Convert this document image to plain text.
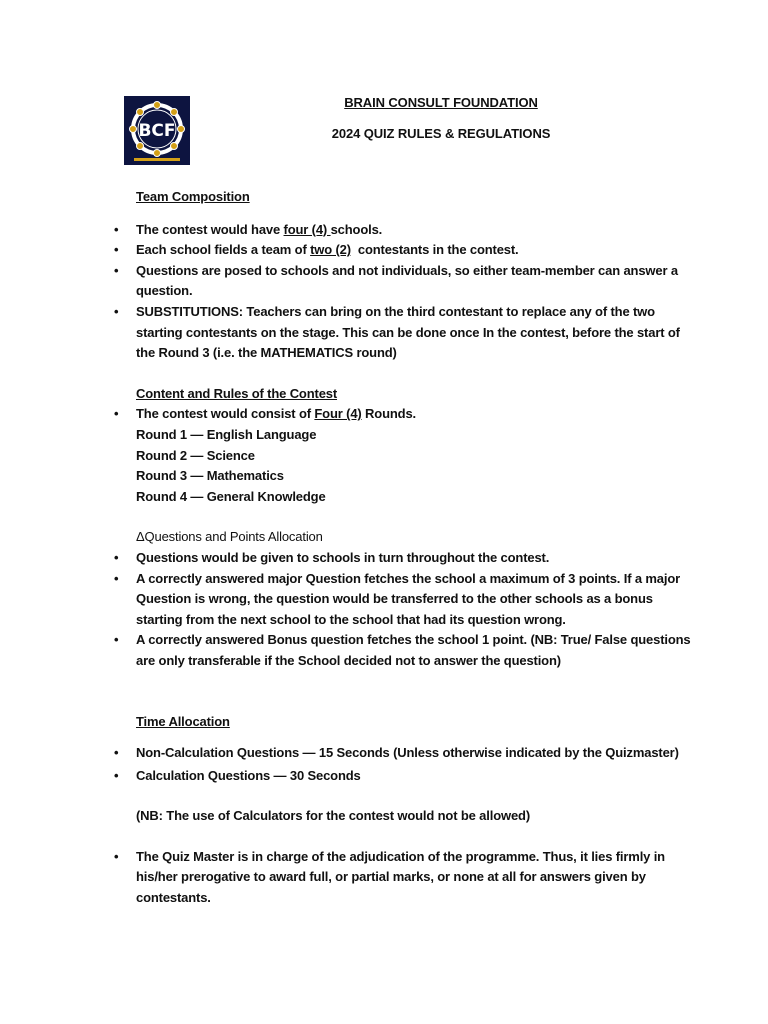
BCF
BRAIN CONSULT FOUNDATION
2024 QUIZ RULES & REGULATIONS
Team Composition
• The contest would have four (4) schools.
• Each school fields a team of two (2)  contestants in the contest.
• Questions are posed to schools and not individuals, so either team-member can answer a question.
• SUBSTITUTIONS: Teachers can bring on the third contestant to replace any of the two starting contestants on the stage. This can be done once In the contest, before the start of the Round 3 (i.e. the MATHEMATICS round)
Content and Rules of the Contest
• The contest would consist of Four (4) Rounds.
Round 1 — English Language
Round 2 — Science
Round 3 — Mathematics
Round 4 — General Knowledge
ΔQuestions and Points Allocation
• Questions would be given to schools in turn throughout the contest.
• A correctly answered major Question fetches the school a maximum of 3 points. If a major Question is wrong, the question would be transferred to the other schools as a bonus starting from the next school to the school that had its question wrong.
• A correctly answered Bonus question fetches the school 1 point. (NB: True/ False questions are only transferable if the School decided not to answer the question)
Time Allocation
• Non-Calculation Questions — 15 Seconds (Unless otherwise indicated by the Quizmaster)
• Calculation Questions — 30 Seconds
(NB: The use of Calculators for the contest would not be allowed)
• The Quiz Master is in charge of the adjudication of the programme. Thus, it lies firmly in his/her prerogative to award full, or partial marks, or none at all for answers given by contestants.
